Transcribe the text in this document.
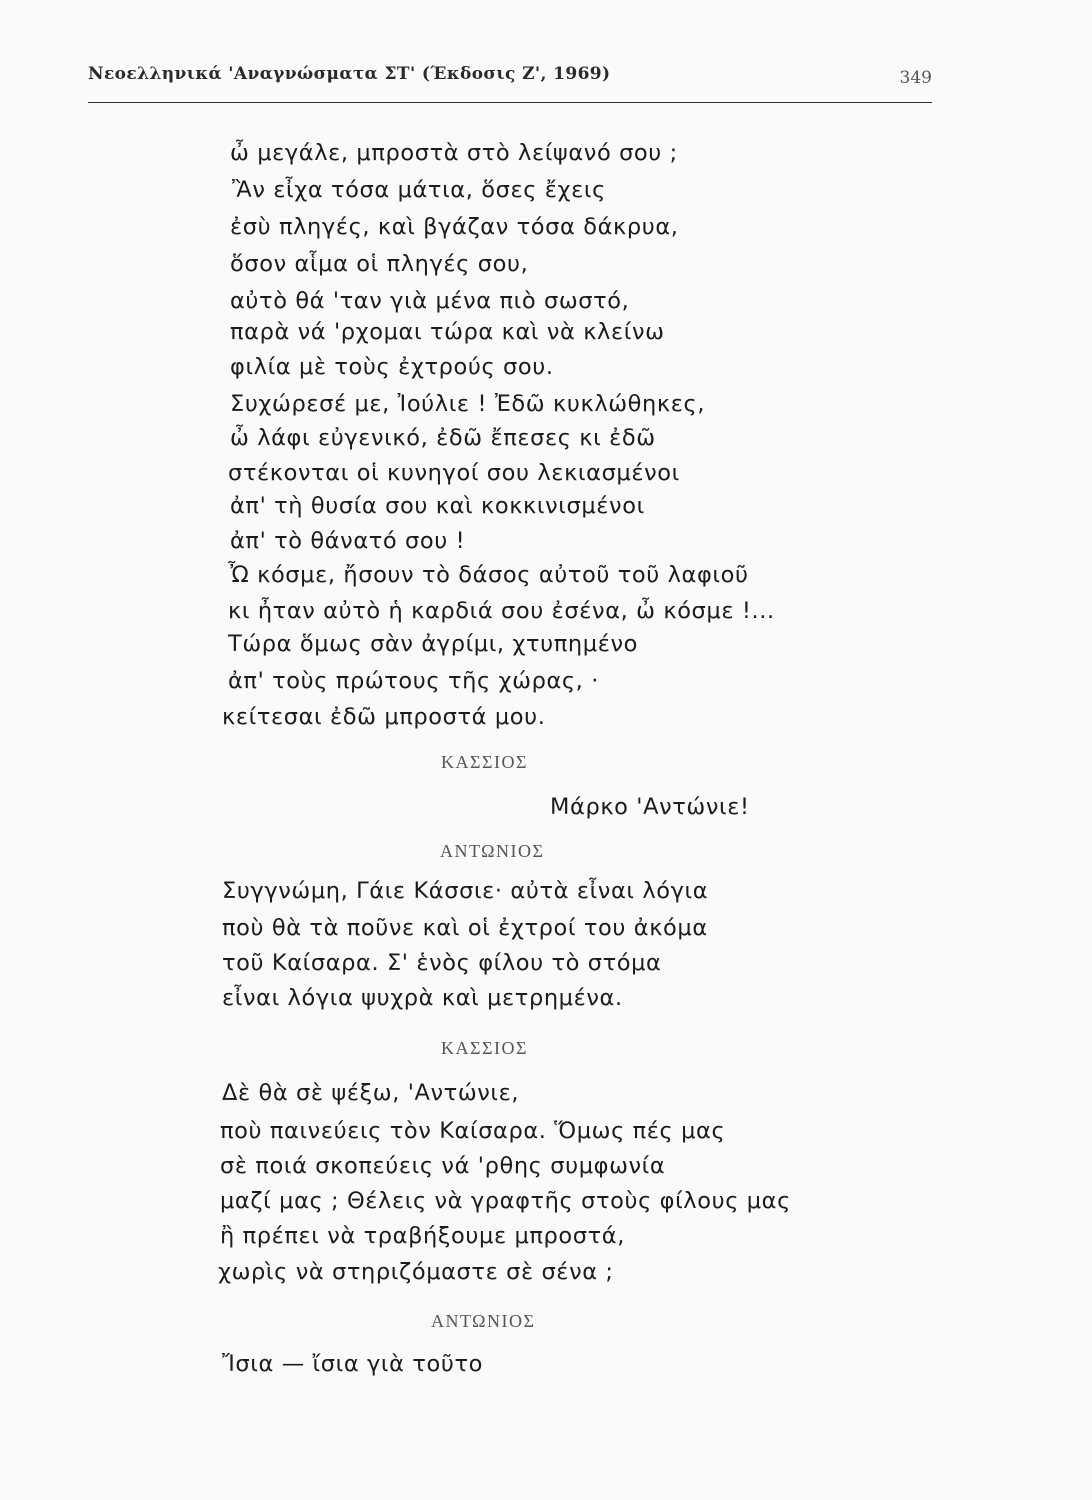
Νεοελληνικά 'Αναγνώσματα ΣΤ' (Έκδοσις Ζ', 1969)	349
ὦ μεγάλε, μπροστὰ στὸ λείψανό σου ;
Ἂν εἶχα τόσα μάτια, ὅσες ἔχεις
ἐσὺ πληγές, καὶ βγάζαν τόσα δάκρυα,
ὅσον αἷμα οἱ πληγές σου,
αὐτὸ θά 'ταν γιὰ μένα πιὸ σωστό,
παρὰ νά 'ρχομαι τώρα καὶ νὰ κλείνω
φιλία μὲ τοὺς ἐχτρούς σου.
Συχώρεσέ με, Ἰούλιε ! Ἐδῶ κυκλώθηκες,
ὦ λάφι εὐγενικό, ἐδῶ ἔπεσες κι ἐδῶ
στέκονται οἱ κυνηγοί σου λεκιασμένοι
ἀπ' τὴ θυσία σου καὶ κοκκινισμένοι
ἀπ' τὸ θάνατό σου !
Ὦ κόσμε, ἤσουν τὸ δάσος αὐτοῦ τοῦ λαφιοῦ
κι ἦταν αὐτὸ ἡ καρδιά σου ἐσένα, ὦ κόσμε !...
Τώρα ὅμως σὰν ἀγρίμι, χτυπημένο
ἀπ' τοὺς πρώτους τῆς χώρας, ·
κείτεσαι ἐδῶ μπροστά μου.
ΚΑΣΣΙΟΣ
Μάρκο 'Αντώνιε!
ΑΝΤΩΝΙΟΣ
Συγγνώμη, Γάιε Κάσσιε· αὐτὰ εἶναι λόγια
ποὺ θὰ τὰ ποῦνε καὶ οἱ ἐχτροί του ἀκόμα
τοῦ Καίσαρα. Σ' ἑνὸς φίλου τὸ στόμα
εἶναι λόγια ψυχρὰ καὶ μετρημένα.
ΚΑΣΣΙΟΣ
Δὲ θὰ σὲ ψέξω, 'Αντώνιε,
ποὺ παινεύεις τὸν Καίσαρα. Ὅμως πές μας
σὲ ποιά σκοπεύεις νά 'ρθης συμφωνία
μαζί μας ; Θέλεις νὰ γραφτῆς στοὺς φίλους μας
ἢ πρέπει νὰ τραβήξουμε μπροστά,
χωρὶς νὰ στηριζόμαστε σὲ σένα ;
ΑΝΤΩΝΙΟΣ
Ἴσια — ἴσια γιὰ τοῦτο
